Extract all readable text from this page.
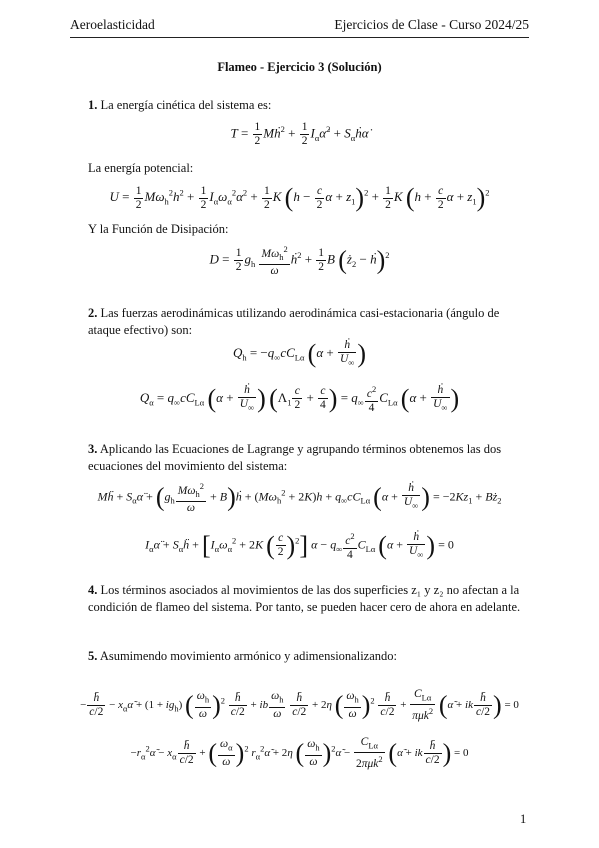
Aeroelasticidad	Ejercicios de Clase - Curso 2024/25
Flameo - Ejercicio 3 (Solución)
1. La energía cinética del sistema es:
$T = \frac{1}{2}$ Mḣ$^2$ + $\frac{1}{2}$ $I_\alpha\alphȧ^2$ + $S_\alpha ḣ\alphȧ$
La energía potencial:
$U = \frac{1}{2} M\omega_h^2h^2 + \frac{1}{2} I_\alpha\omega_\alpha^2\alpha^2 + \frac{1}{2}$ K ($h - \frac{c}{2}$ $\alpha + z_1)^2 + \frac{1}{2}$ K ($h + \frac{c}{2}$ $\alpha + z_1)^2$
Y la Función de Disipación:
$D = \frac{1}{2} g_h \frac{M\omega_h^2}{\omega}$ ḣ$^2$ + $\frac{1}{2}$ B ($ż_2$ − ḣ)$^2$
2. Las fuerzas aerodinámicas utilizando aerodinámica casi-estacionaria (ángulo de ataque efectivo) son:
$Q_h = -q_\infty cC_{L\alpha}$ ($\alpha + \frac{\text{ḣ}}{U_\infty}$ )
$Q_\alpha = q_\infty cC_{L\alpha}$ ($\alpha + \frac{\text{ḣ}}{U_\infty}$ ) ($\Lambda_1 \frac{c}{2} + \frac{c}{4}$ ) = $q_\infty \frac{c^2}{4} C_{L\alpha}$ ($\alpha + \frac{\text{ḣ}}{U_\infty}$ )
3. Aplicando las Ecuaciones de Lagrange y agrupando términos obtenemos las dos ecuaciones del movimiento del sistema:
Mḧ + $S_\alpha\alphä + (g_h \frac{M\omega_h^2}{\omega}$ + B)ḣ + $(M\omega_h^2 + 2K)h + q_\infty cC_{L\alpha}$ ($\alpha + \frac{\text{ḣ}}{U_\infty}$ ) = $-2Kz_1$ + $Bż_2$
$I_\alpha\alphä$ + $S_\alpha ḧ + [I_\alpha\omega_\alpha^2 + 2K$ ( $\frac{c}{2} )^2$] $\alpha - q_\infty \frac{c^2}{4} C_{L\alpha}$ ($\alpha + \frac{\text{ḣ}}{U_\infty}$ ) = 0
4. Los términos asociados al movimientos de las dos superficies z₁ y z₂ no afectan a la condición de flameo del sistema. Por tanto, se pueden hacer cero de ahora en adelante.
5. Asumimendo movimiento armónico y adimensionalizando:
− $\frac{h̄}{c/2}$ − $x_\alpha\alphã + (1 + ig_h)$ ( $\frac{\omega_h}{\omega} )^2 \frac{h̄}{c/2}$ + ib $\frac{\omega_h}{\omega}$
$\frac{h̄}{c/2} + 2\eta$ ( $\frac{\omega_h}{\omega} )^2 \frac{h̄}{c/2} + \frac{C_{L\alpha}}{\pi\mu k^2}$ (α̃ + ik $\frac{h̄}{c/2}$ ) = 0
$-r_\alpha^2\alphã - x_\alpha \frac{h̄}{c/2}$ + ( $\frac{\omega_\alpha}{\omega} )^2$ $r_\alpha^2\alphã + 2\eta$ ( $\frac{\omega_h}{\omega}$ )$^2$α̃ − $\frac{C_{L\alpha}}{2\pi\mu k^2}$ (α̃ + ik $\frac{h̄}{c/2}$ ) = 0
1
